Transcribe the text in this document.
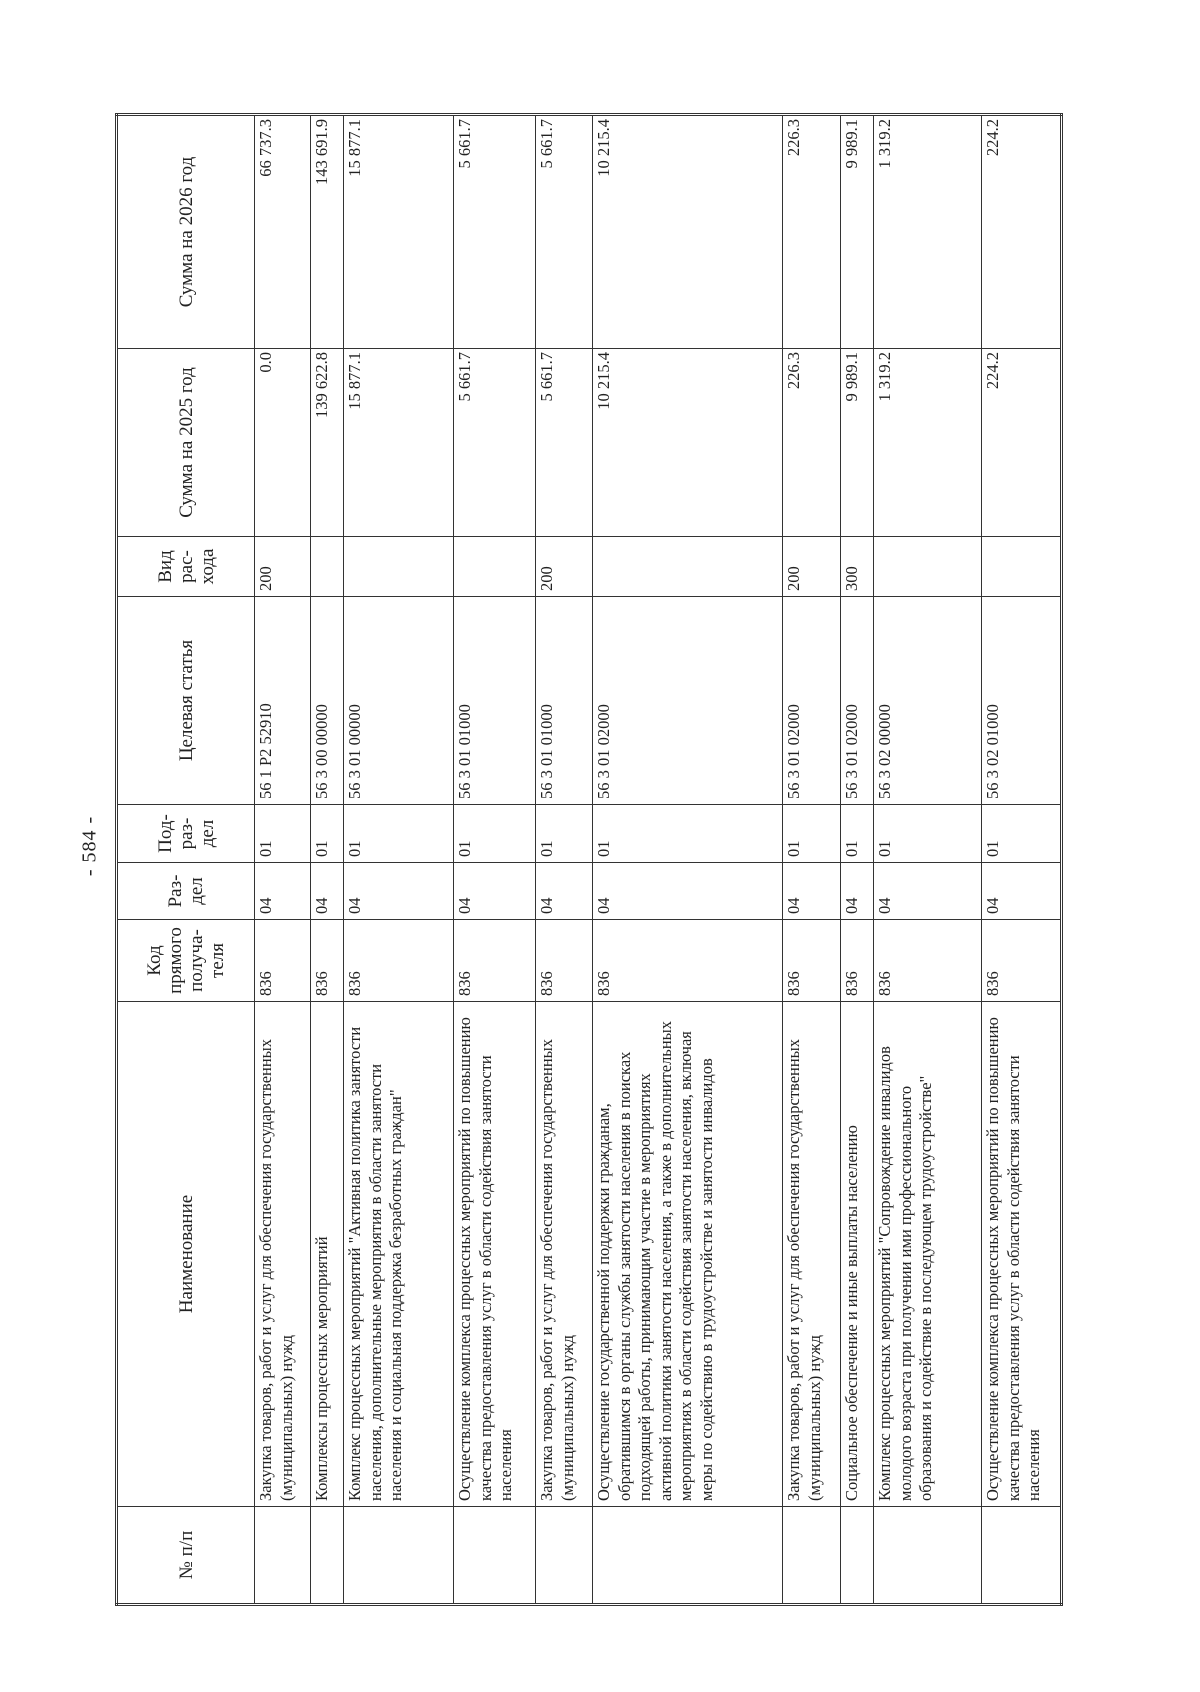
- 584 -
№ п/п	Наименование	Код прямого получа-теля	Раз-дел	Под-раз-дел	Целевая статья	Вид рас-хода	Сумма на 2025 год	Сумма на 2026 год
	Закупка товаров, работ и услуг для обеспечения государственных (муниципальных) нужд	836	04	01	56 1 P2 52910	200	0.0	66 737.3
	Комплексы процессных мероприятий	836	04	01	56 3 00 00000		139 622.8	143 691.9
	Комплекс процессных мероприятий "Активная политика занятости населения, дополнительные мероприятия в области занятости населения и социальная поддержка безработных граждан"	836	04	01	56 3 01 00000		15 877.1	15 877.1
	Осуществление комплекса процессных мероприятий по повышению качества предоставления услуг в области содействия занятости населения	836	04	01	56 3 01 01000		5 661.7	5 661.7
	Закупка товаров, работ и услуг для обеспечения государственных (муниципальных) нужд	836	04	01	56 3 01 01000	200	5 661.7	5 661.7
	Осуществление государственной поддержки гражданам, обратившимся в органы службы занятости населения в поисках подходящей работы, принимающим участие в мероприятиях активной политики занятости населения, а также в дополнительных мероприятиях в области содействия занятости населения, включая меры по содействию в трудоустройстве и занятости инвалидов	836	04	01	56 3 01 02000		10 215.4	10 215.4
	Закупка товаров, работ и услуг для обеспечения государственных (муниципальных) нужд	836	04	01	56 3 01 02000	200	226.3	226.3
	Социальное обеспечение и иные выплаты населению	836	04	01	56 3 01 02000	300	9 989.1	9 989.1
	Комплекс процессных мероприятий "Сопровождение инвалидов молодого возраста при получении ими профессионального образования и содействие в последующем трудоустройстве"	836	04	01	56 3 02 00000		1 319.2	1 319.2
	Осуществление комплекса процессных мероприятий по повышению качества предоставления услуг в области содействия занятости населения	836	04	01	56 3 02 01000		224.2	224.2
